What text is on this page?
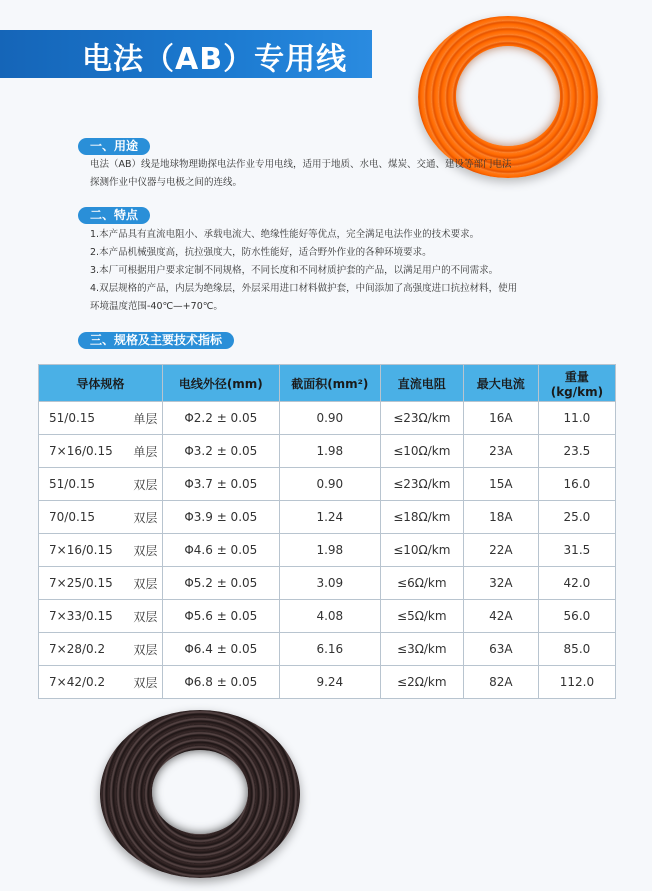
电法（AB）专用线
一、用途

电法（AB）线是地球物理勘探电法作业专用电线，适用于地质、水电、煤炭、交通、建设等部门电法

探测作业中仪器与电极之间的连线。

二、特点

1.本产品具有直流电阻小、承载电流大、绝缘性能好等优点，完全满足电法作业的技术要求。

2.本产品机械强度高，抗拉强度大，防水性能好，适合野外作业的各种环境要求。

3.本厂可根据用户要求定制不同规格，不同长度和不同材质护套的产品，以满足用户的不同需求。

4.双层规格的产品，内层为绝缘层，外层采用进口材料做护套，中间添加了高强度进口抗拉材料，使用

环境温度范围-40℃—+70℃。

三、规格及主要技术指标
导体规格		电线外径(mm)	截面积(mm²)	直流电阻	最大电流	重量 (kg/km)
51/0.15	单层	Φ2.2 ± 0.05	0.90	≤23Ω/km	16A	11.0
7×16/0.15	单层	Φ3.2 ± 0.05	1.98	≤10Ω/km	23A	23.5
51/0.15	双层	Φ3.7 ± 0.05	0.90	≤23Ω/km	15A	16.0
70/0.15	双层	Φ3.9 ± 0.05	1.24	≤18Ω/km	18A	25.0
7×16/0.15	双层	Φ4.6 ± 0.05	1.98	≤10Ω/km	22A	31.5
7×25/0.15	双层	Φ5.2 ± 0.05	3.09	≤6Ω/km	32A	42.0
7×33/0.15	双层	Φ5.6 ± 0.05	4.08	≤5Ω/km	42A	56.0
7×28/0.2	双层	Φ6.4 ± 0.05	6.16	≤3Ω/km	63A	85.0
7×42/0.2	双层	Φ6.8 ± 0.05	9.24	≤2Ω/km	82A	112.0
